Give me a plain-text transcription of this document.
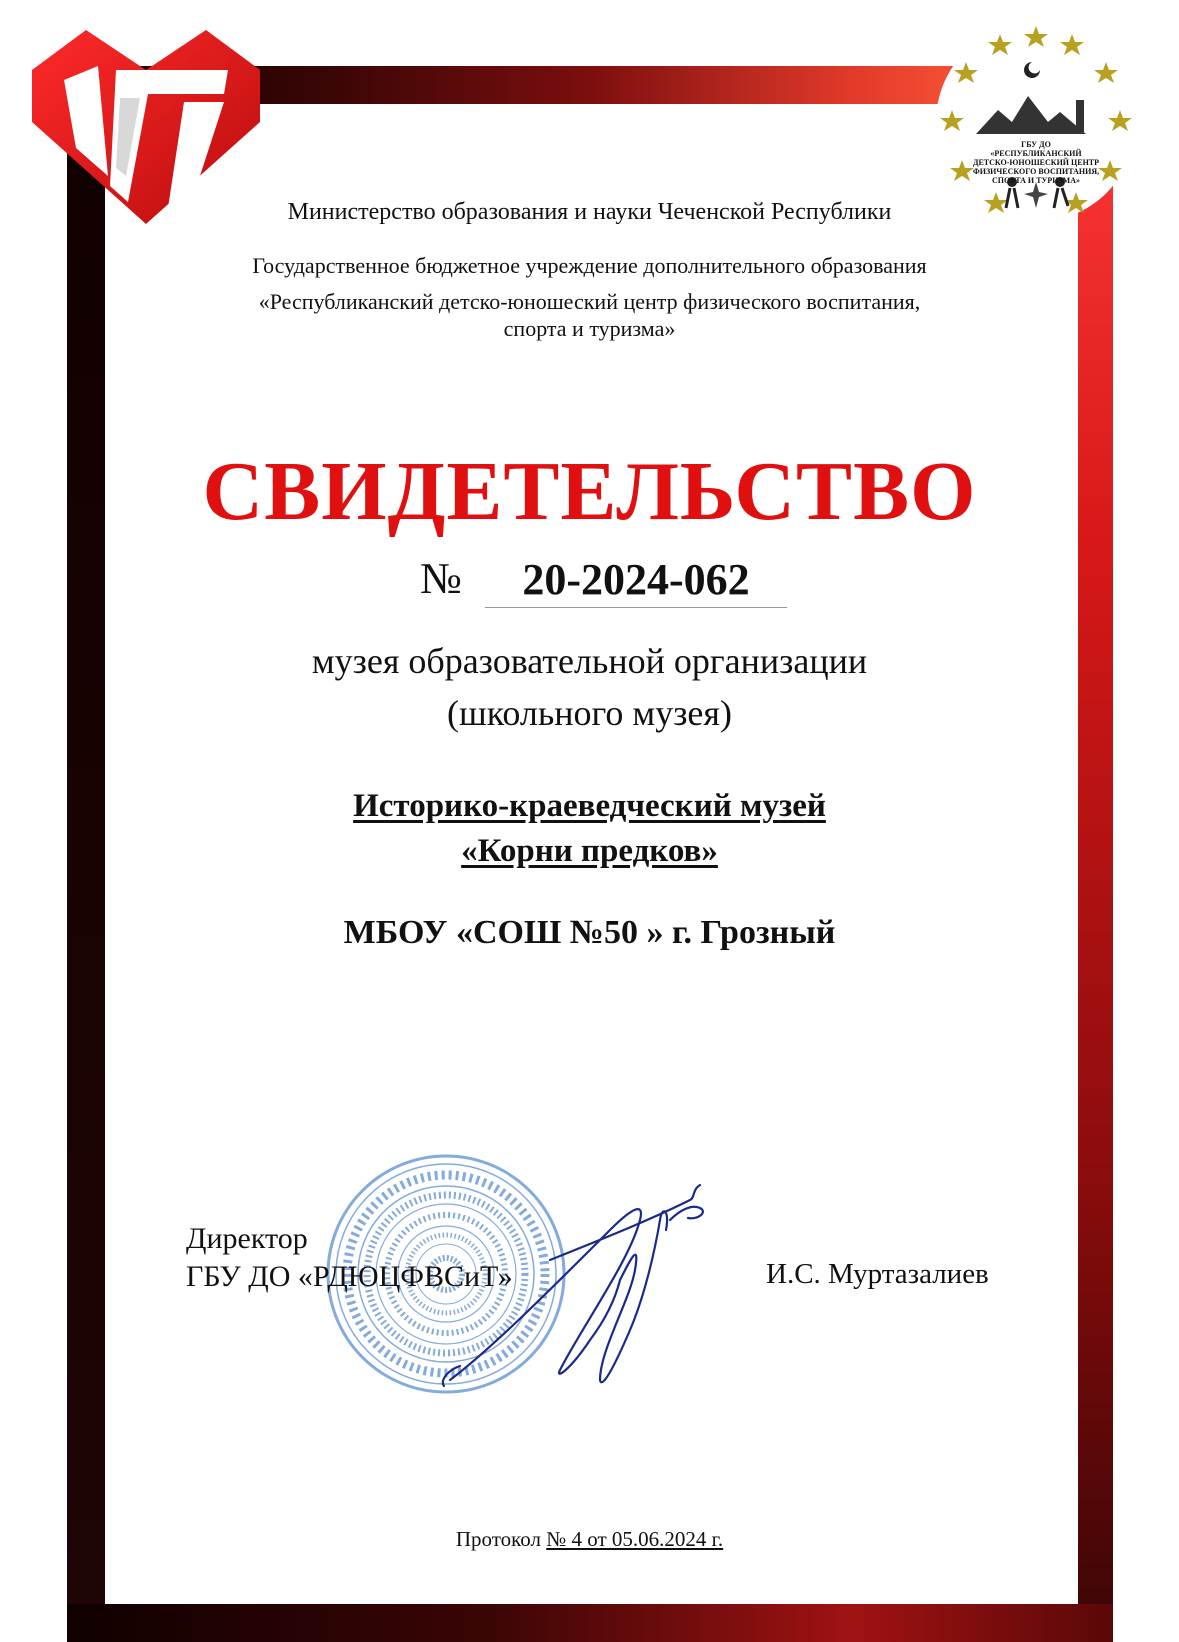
ГБУ ДО
«РЕСПУБЛИКАНСКИЙ
ДЕТСКО-ЮНОШЕСКИЙ ЦЕНТР
ФИЗИЧЕСКОГО ВОСПИТАНИЯ,
СПОРТА И ТУРИЗМА»
Министерство образования и науки Чеченской Республики
Государственное бюджетное учреждение дополнительного образования
«Республиканский детско-юношеский центр физического воспитания,
спорта и туризма»
СВИДЕТЕЛЬСТВО
№	20-2024-062
музея образовательной организации
(школьного музея)
Историко-краеведческий музей
«Корни предков»
МБОУ «СОШ №50 » г. Грозный
Директор
ГБУ ДО «РДЮЦФВСиТ»	И.С. Муртазалиев
Протокол № 4 от 05.06.2024 г.
